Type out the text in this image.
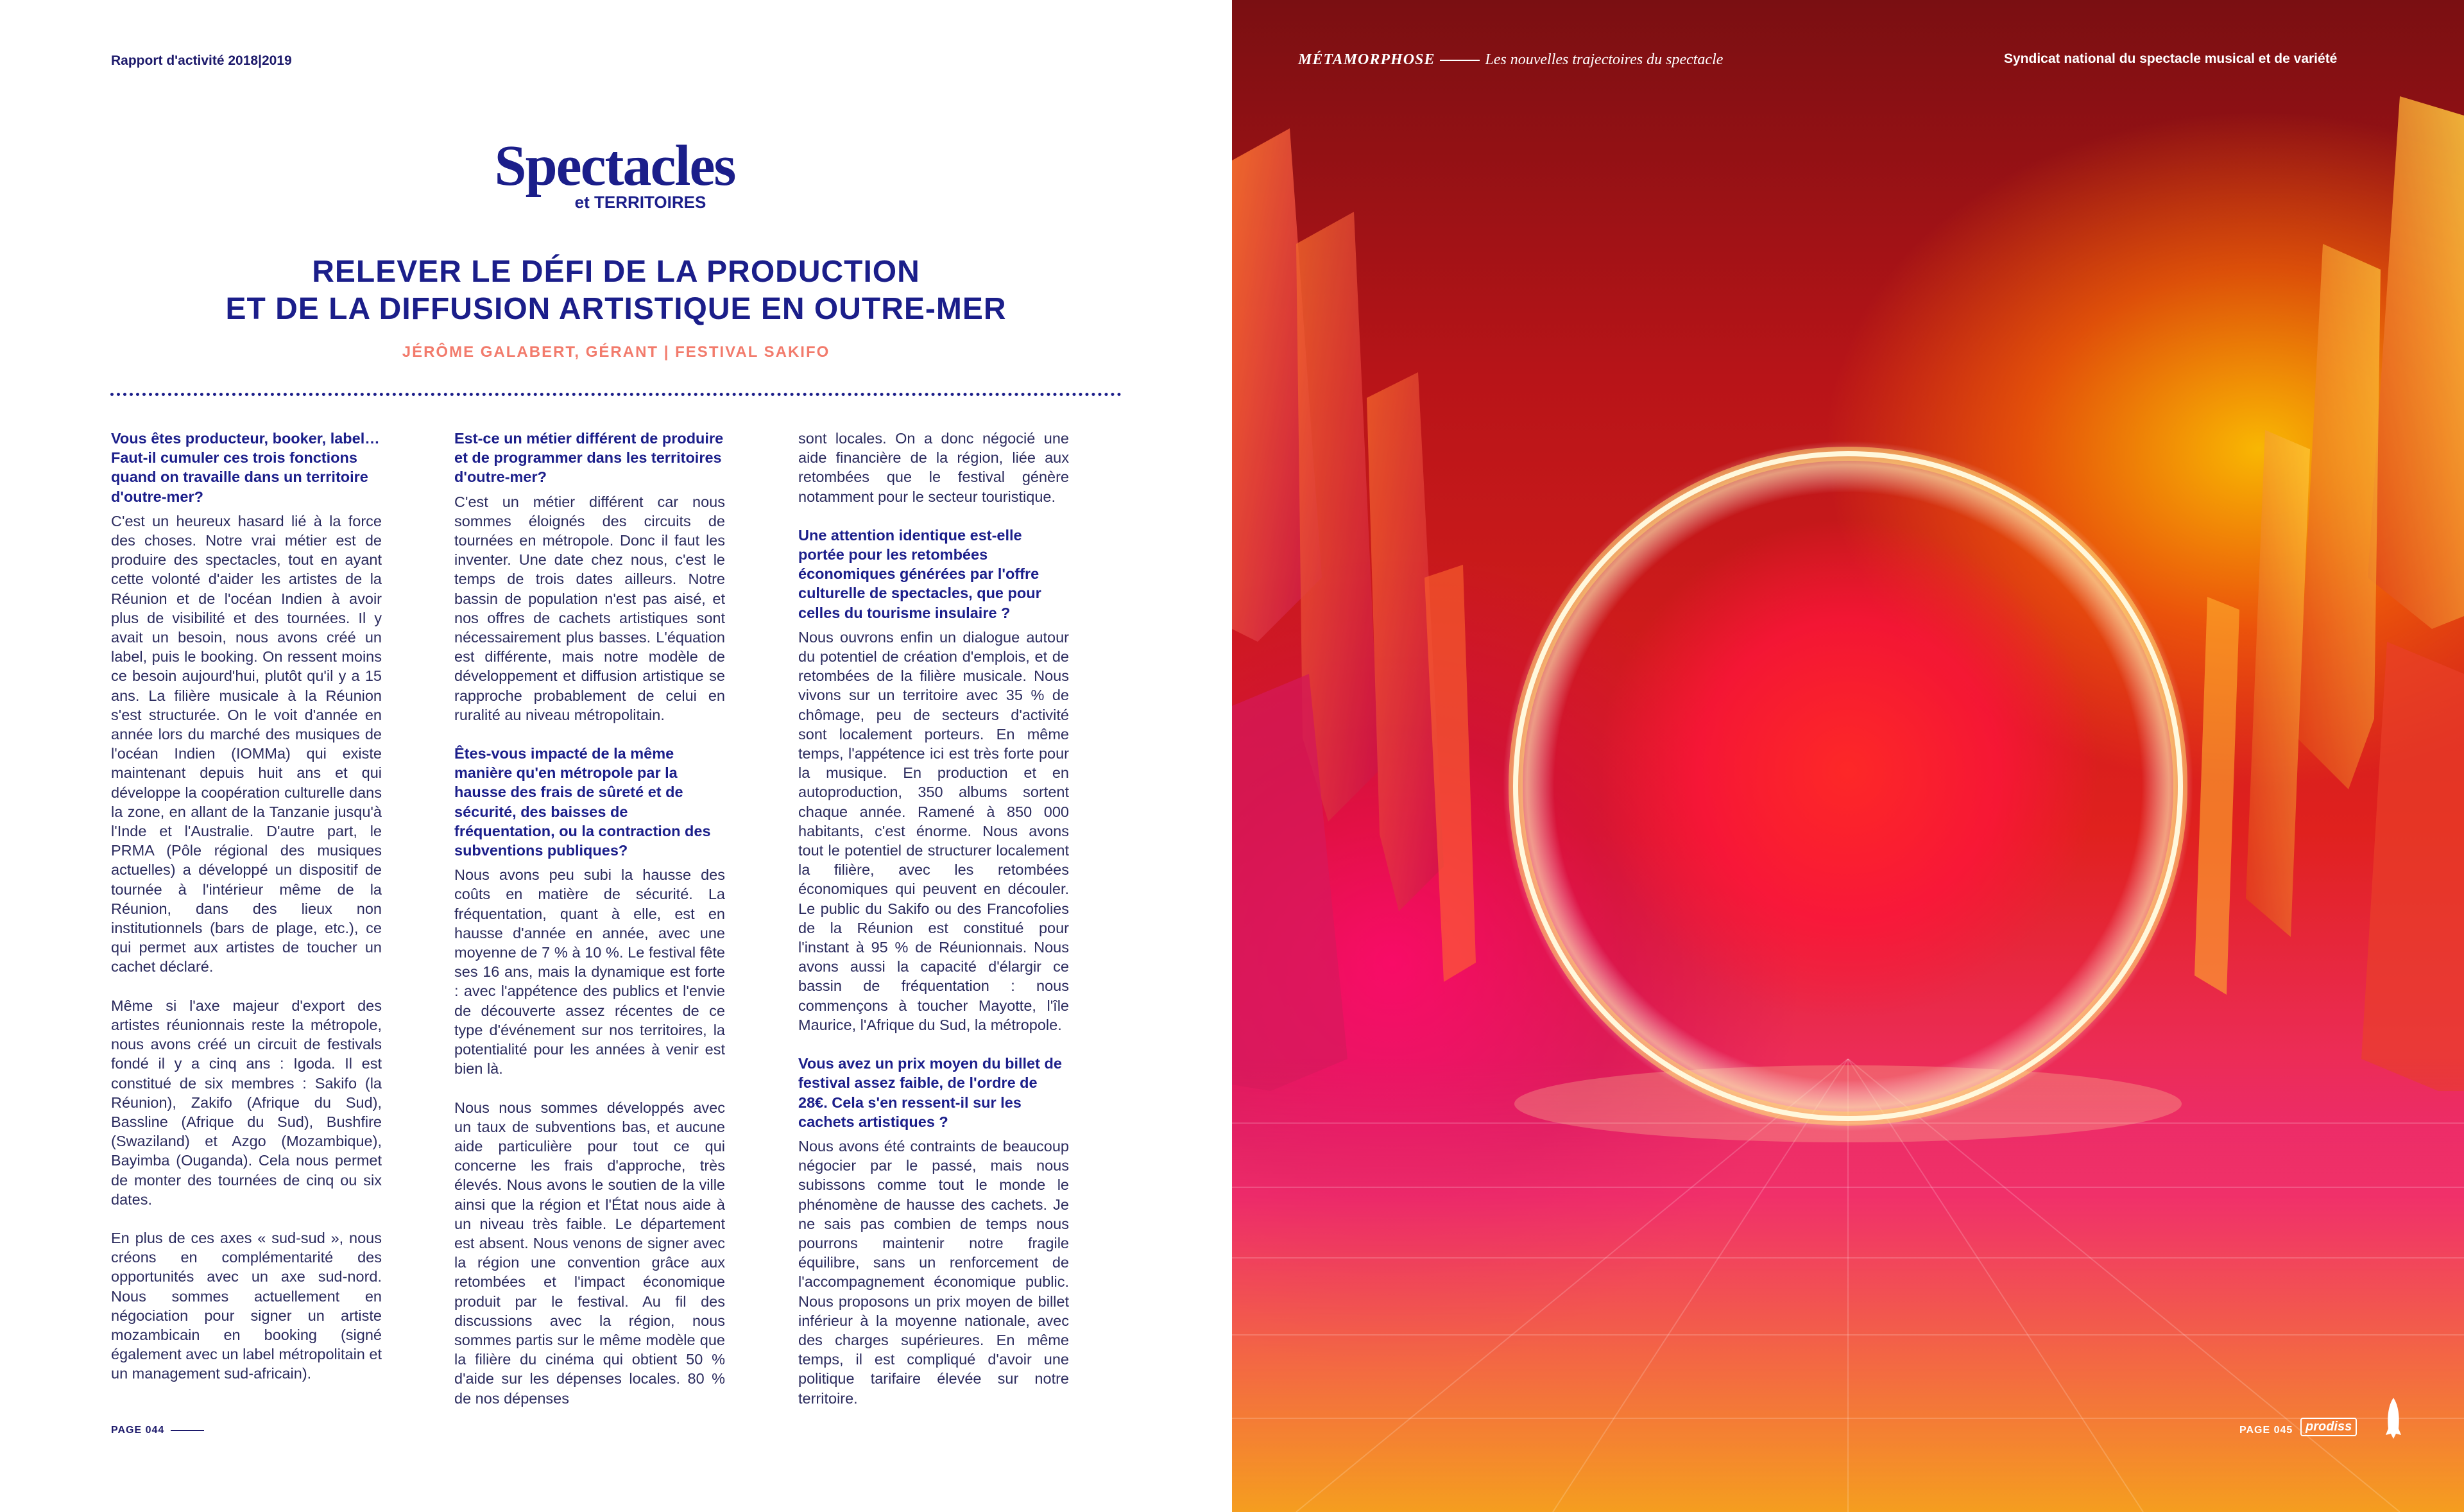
Rapport d'activité 2018|2019
Spectacles
et TERRITOIRES
RELEVER LE DÉFI DE LA PRODUCTION
ET DE LA DIFFUSION ARTISTIQUE EN OUTRE-MER
JÉRÔME GALABERT, GÉRANT | FESTIVAL SAKIFO

Vous êtes producteur, booker, label… Faut-il cumuler ces trois fonctions quand on travaille dans un territoire d'outre-mer?

C'est un heureux hasard lié à la force des choses. Notre vrai métier est de produire des spectacles, tout en ayant cette volonté d'aider les artistes de la Réunion et de l'océan Indien à avoir plus de visibilité et des tournées. Il y avait un besoin, nous avons créé un label, puis le booking. On ressent moins ce besoin aujourd'hui, plutôt qu'il y a 15 ans. La filière musicale à la Réunion s'est structurée. On le voit d'année en année lors du marché des musiques de l'océan Indien (IOMMa) qui existe maintenant depuis huit ans et qui développe la coopération culturelle dans la zone, en allant de la Tanzanie jusqu'à l'Inde et l'Australie. D'autre part, le PRMA (Pôle régional des musiques actuelles) a développé un dispositif de tournée à l'intérieur même de la Réunion, dans des lieux non institutionnels (bars de plage, etc.), ce qui permet aux artistes de toucher un cachet déclaré.

Même si l'axe majeur d'export des artistes réunionnais reste la métropole, nous avons créé un circuit de festivals fondé il y a cinq ans : Igoda. Il est constitué de six membres : Sakifo (la Réunion), Zakifo (Afrique du Sud), Bassline (Afrique du Sud), Bushfire (Swaziland) et Azgo (Mozambique), Bayimba (Ouganda). Cela nous permet de monter des tournées de cinq ou six dates.

En plus de ces axes « sud-sud », nous créons en complémentarité des opportunités avec un axe sud-nord. Nous sommes actuellement en négociation pour signer un artiste mozambicain en booking (signé également avec un label métropolitain et un management sud-africain).

Est-ce un métier différent de produire et de programmer dans les territoires d'outre-mer?

C'est un métier différent car nous sommes éloignés des circuits de tournées en métropole. Donc il faut les inventer. Une date chez nous, c'est le temps de trois dates ailleurs. Notre bassin de population n'est pas aisé, et nos offres de cachets artistiques sont nécessairement plus basses. L'équation est différente, mais notre modèle de développement et diffusion artistique se rapproche probablement de celui en ruralité au niveau métropolitain.

Êtes-vous impacté de la même manière qu'en métropole par la hausse des frais de sûreté et de sécurité, des baisses de fréquentation, ou la contraction des subventions publiques?

Nous avons peu subi la hausse des coûts en matière de sécurité. La fréquentation, quant à elle, est en hausse d'année en année, avec une moyenne de 7 % à 10 %. Le festival fête ses 16 ans, mais la dynamique est forte : avec l'appétence des publics et l'envie de découverte assez récentes de ce type d'événement sur nos territoires, la potentialité pour les années à venir est bien là.

Nous nous sommes développés avec un taux de subventions bas, et aucune aide particulière pour tout ce qui concerne les frais d'approche, très élevés. Nous avons le soutien de la ville ainsi que la région et l'État nous aide à un niveau très faible. Le département est absent. Nous venons de signer avec la région une convention grâce aux retombées et l'impact économique produit par le festival. Au fil des discussions avec la région, nous sommes partis sur le même modèle que la filière du cinéma qui obtient 50 % d'aide sur les dépenses locales. 80 % de nos dépenses

sont locales. On a donc négocié une aide financière de la région, liée aux retombées que le festival génère notamment pour le secteur touristique.

Une attention identique est-elle portée pour les retombées économiques générées par l'offre culturelle de spectacles, que pour celles du tourisme insulaire ?

Nous ouvrons enfin un dialogue autour du potentiel de création d'emplois, et de retombées de la filière musicale. Nous vivons sur un territoire avec 35 % de chômage, peu de secteurs d'activité sont localement porteurs. En même temps, l'appétence ici est très forte pour la musique. En production et en autoproduction, 350 albums sortent chaque année. Ramené à 850 000 habitants, c'est énorme. Nous avons tout le potentiel de structurer localement la filière, avec les retombées économiques qui peuvent en découler. Le public du Sakifo ou des Francofolies de la Réunion est constitué pour l'instant à 95 % de Réunionnais. Nous avons aussi la capacité d'élargir ce bassin de fréquentation : nous commençons à toucher Mayotte, l'île Maurice, l'Afrique du Sud, la métropole.

Vous avez un prix moyen du billet de festival assez faible, de l'ordre de 28€. Cela s'en ressent-il sur les cachets artistiques ?

Nous avons été contraints de beaucoup négocier par le passé, mais nous subissons comme tout le monde le phénomène de hausse des cachets. Je ne sais pas combien de temps nous pourrons maintenir notre fragile équilibre, sans un renforcement de l'accompagnement économique public. Nous proposons un prix moyen de billet inférieur à la moyenne nationale, avec des charges supérieures. En même temps, il est compliqué d'avoir une politique tarifaire élevée sur notre territoire.

PAGE 044
MÉTAMORPHOSE	Les nouvelles trajectoires du spectacle	Syndicat national du spectacle musical et de variété
PAGE 045 prodiss
